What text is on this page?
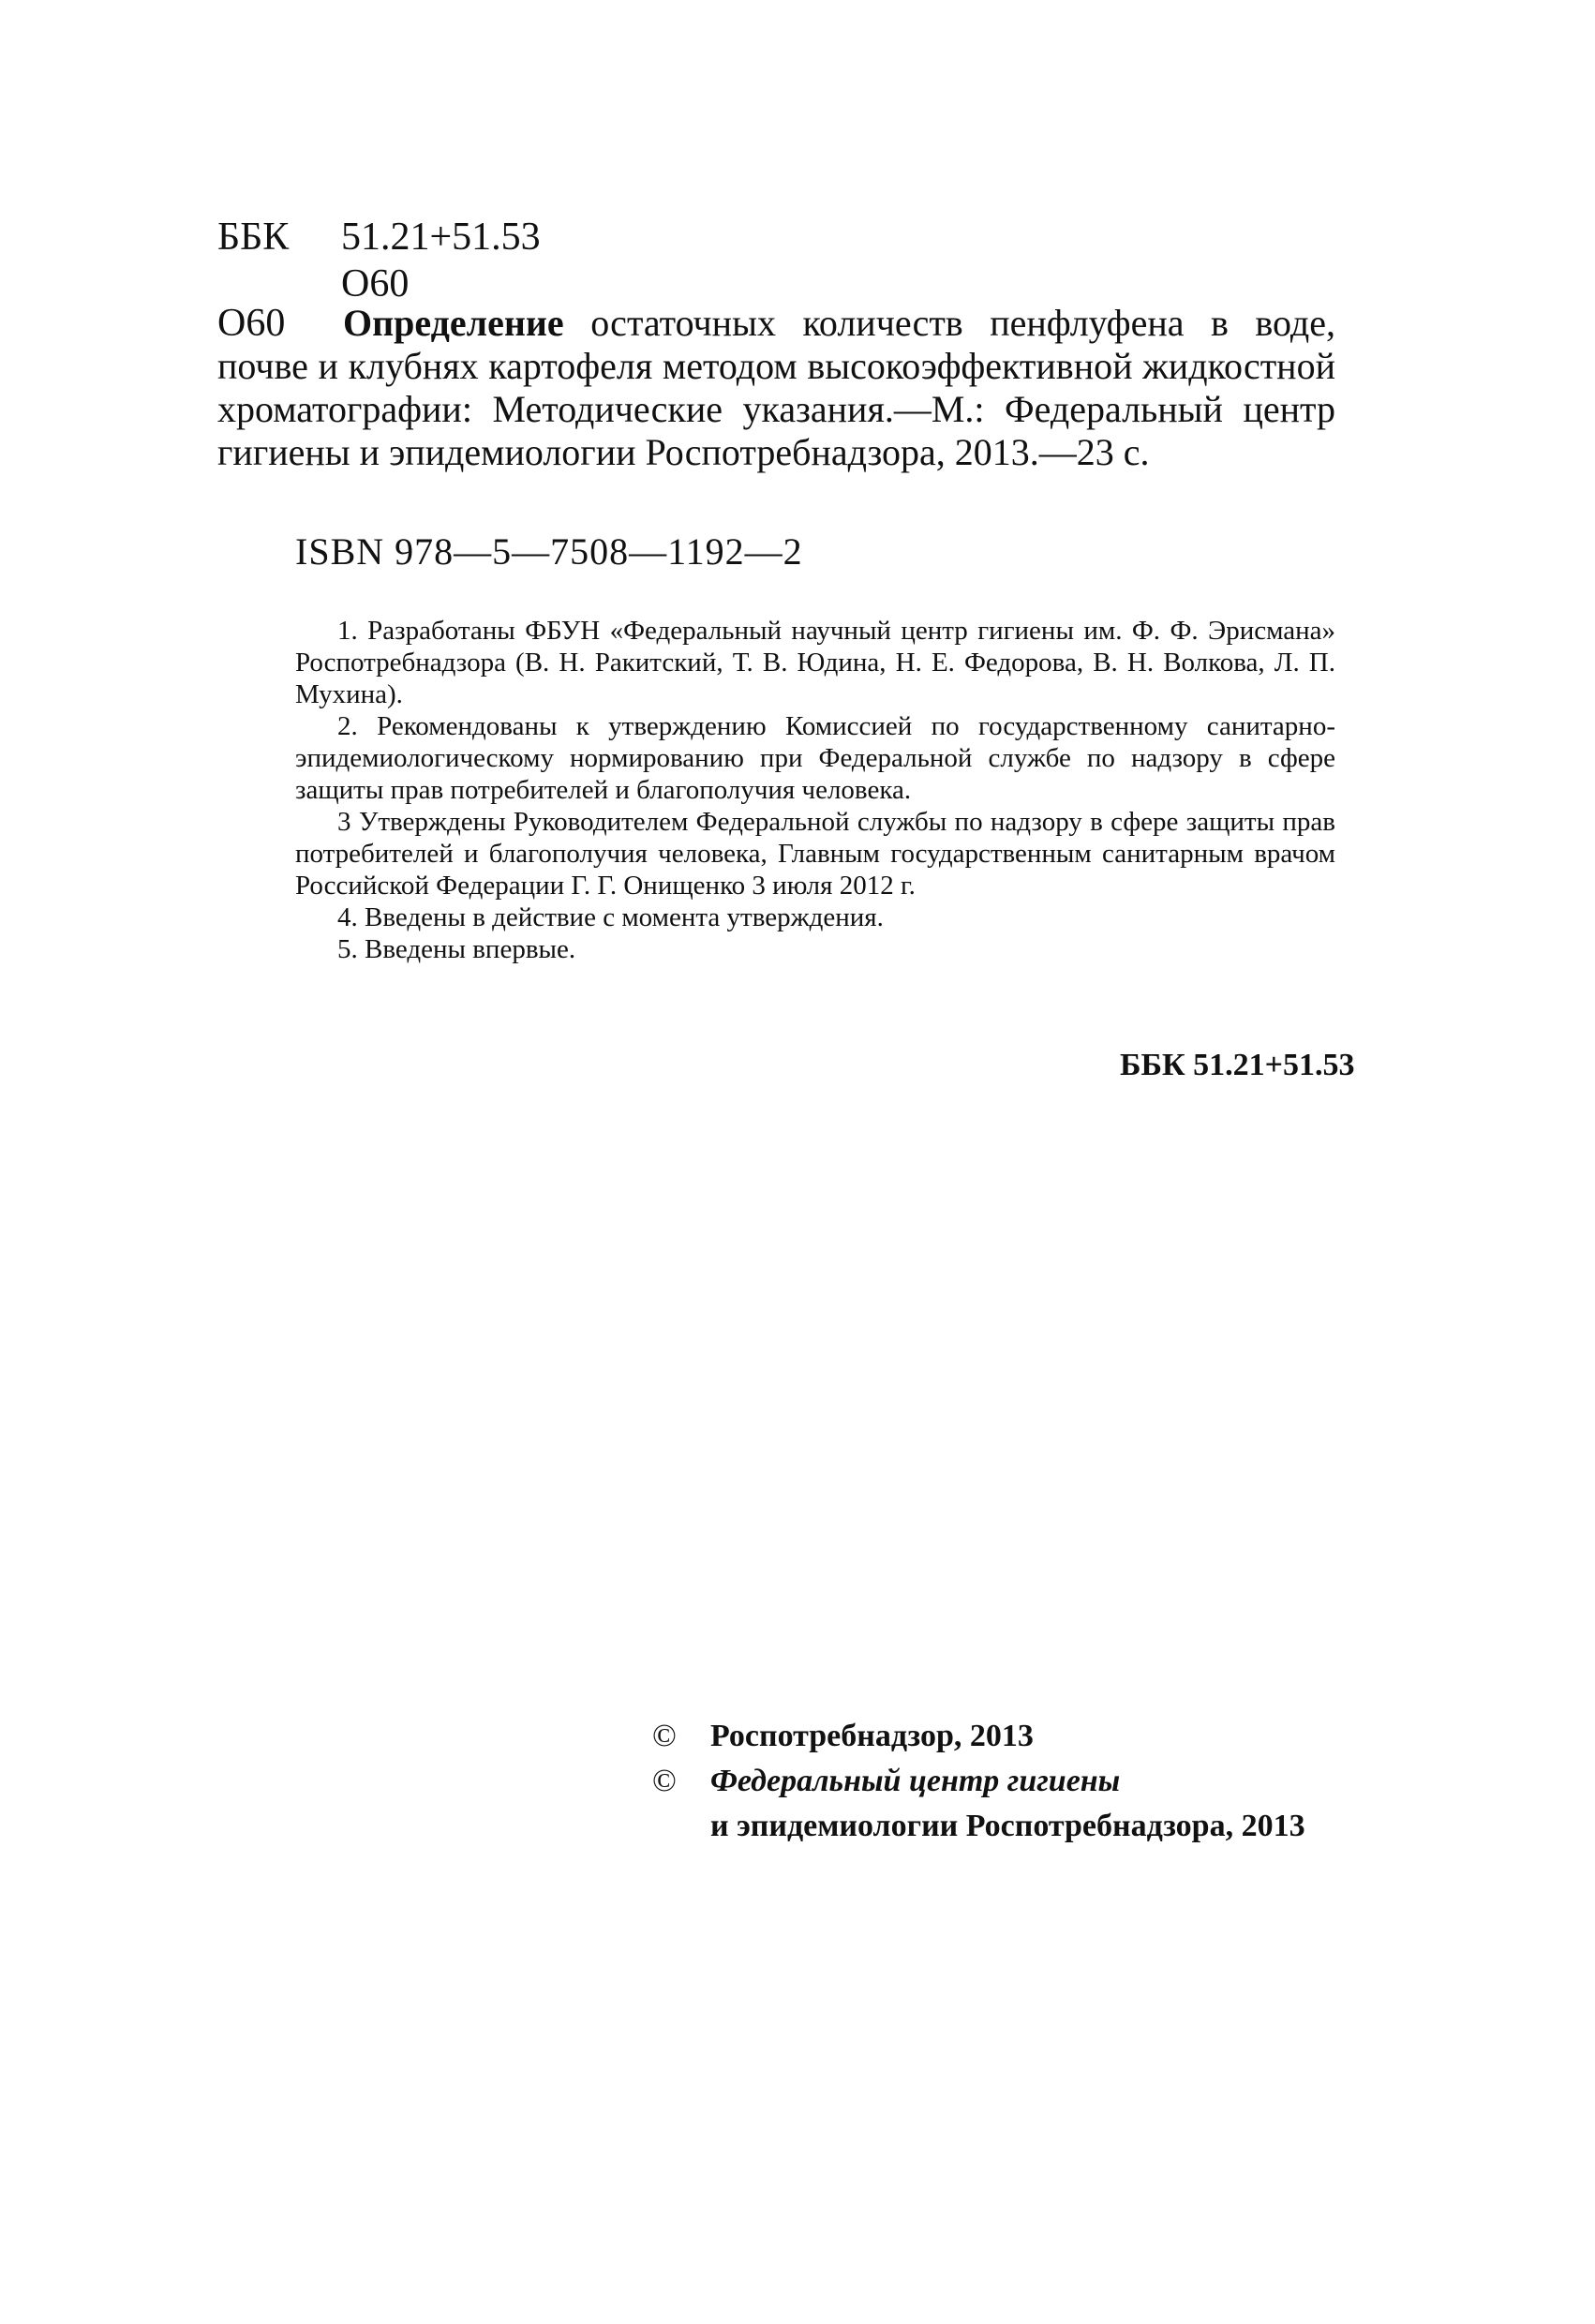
ББК	51.21+51.53
О60
О60	Определение остаточных количеств пенфлуфена в воде, почве и клубнях картофеля методом высокоэффективной жидкостной хроматографии: Методические указания.—М.: Федеральный центр гигиены и эпидемиологии Роспотребнадзора, 2013.—23 с.

ISBN 978—5—7508—1192—2

1. Разработаны ФБУН «Федеральный научный центр гигиены им. Ф. Ф. Эрисмана» Роспотребнадзора (В. Н. Ракитский, Т. В. Юдина, Н. Е. Федорова, В. Н. Волкова, Л. П. Мухина).

2. Рекомендованы к утверждению Комиссией по государственному санитарно-эпидемиологическому нормированию при Федеральной службе по надзору в сфере защиты прав потребителей и благополучия человека.

3 Утверждены Руководителем Федеральной службы по надзору в сфере защиты прав потребителей и благополучия человека, Главным государственным санитарным врачом Российской Федерации Г. Г. Онищенко 3 июля 2012 г.

4. Введены в действие с момента утверждения.

5. Введены впервые.

ББК 51.21+51.53
©	Роспотребнадзор, 2013
©	Федеральный центр гигиены
и эпидемиологии Роспотребнадзора, 2013
